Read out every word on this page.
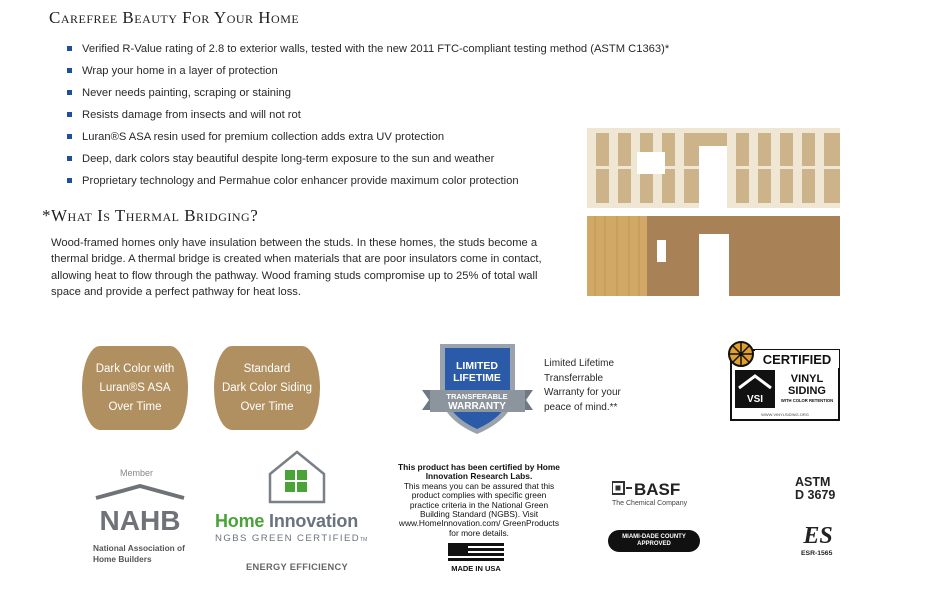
Carefree Beauty For Your Home
Verified R-Value rating of 2.8 to exterior walls, tested with the new 2011 FTC-compliant testing method (ASTM C1363)*
Wrap your home in a layer of protection
Never needs painting, scraping or staining
Resists damage from insects and will not rot
Luran®S ASA resin used for premium collection adds extra UV protection
Deep, dark colors stay beautiful despite long-term exposure to the sun and weather
Proprietary technology and Permahue color enhancer provide maximum color protection
*What Is Thermal Bridging?

Wood-framed homes only have insulation between the studs. In these homes, the studs become a thermal bridge. A thermal bridge is created when materials that are poor insulators come in contact, allowing heat to flow through the pathway. Wood framing studs compromise up to 25% of total wall space and provide a perfect pathway for heat loss.

Dark Color with
Luran®S ASA
Over Time
Standard
Dark Color Siding
Over Time
LIMITED
LIFETIME
TRANSFERABLE
WARRANTY
Limited Lifetime Transferrable Warranty for your peace of mind.**
CERTIFIED
VSI
VINYL
SIDING
WITH COLOR RETENTION
WWW.VINYLSIDING.ORG
Member
NAHB
National Association of Home Builders
Home Innovation
NGBS GREEN CERTIFIEDTM
ENERGY EFFICIENCY
This product has been certified by Home Innovation Research Labs.
This means you can be assured that this product complies with specific green practice criteria in the National Green Building Standard (NGBS). Visit www.HomeInnovation.com/ GreenProducts for more details.
MADE IN USA
BASF
The Chemical Company
MIAMI-DADE COUNTY
APPROVED
ASTM
D 3679
ES
ESR-1565
